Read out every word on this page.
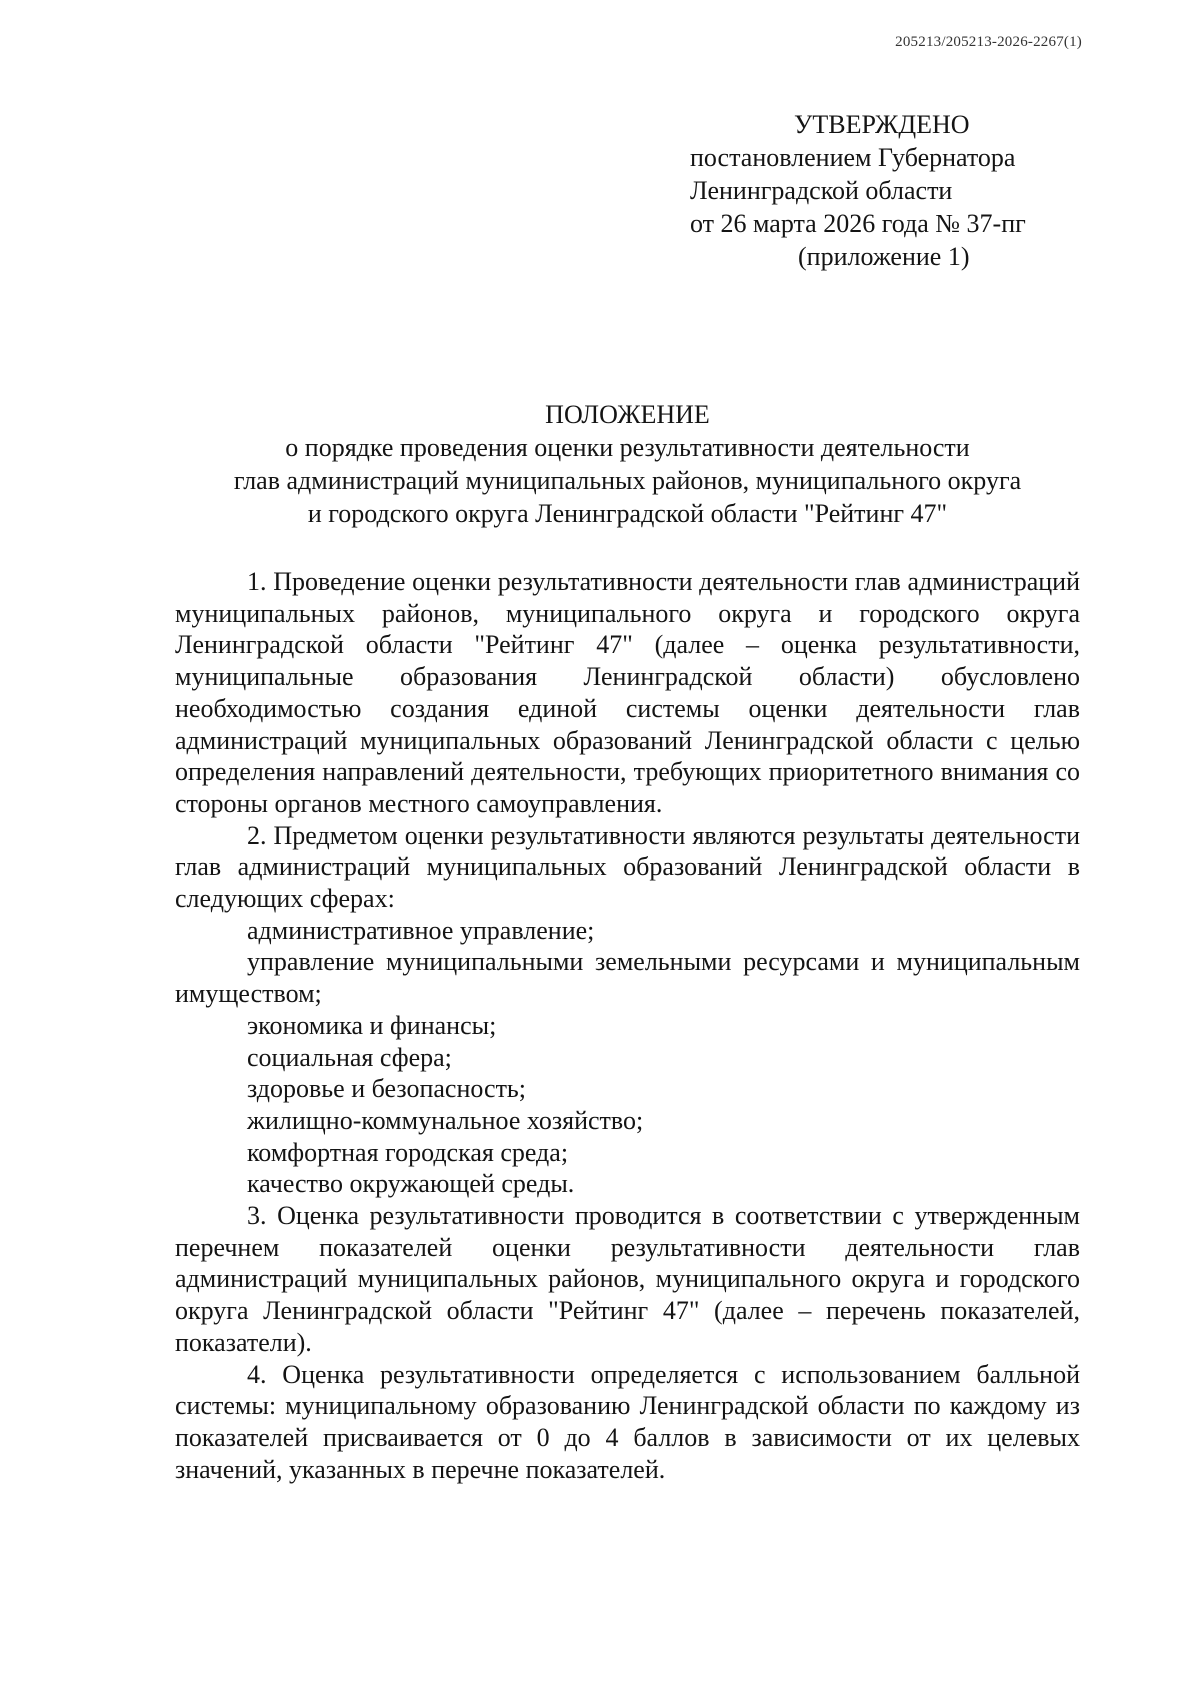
205213/205213-2026-2267(1)
УТВЕРЖДЕНО
постановлением Губернатора
Ленинградской области
от 26 марта 2026 года № 37-пг
(приложение 1)
ПОЛОЖЕНИЕ
о порядке проведения оценки результативности деятельности
глав администраций муниципальных районов, муниципального округа
и городского округа Ленинградской области "Рейтинг 47"

1. Проведение оценки результативности деятельности глав администраций муниципальных районов, муниципального округа и городского округа Ленинградской области "Рейтинг 47" (далее – оценка результативности, муниципальные образования Ленинградской области) обусловлено необходимостью создания единой системы оценки деятельности глав администраций муниципальных образований Ленинградской области с целью определения направлений деятельности, требующих приоритетного внимания со стороны органов местного самоуправления.

2. Предметом оценки результативности являются результаты деятельности глав администраций муниципальных образований Ленинградской области в следующих сферах:

административное управление;

управление муниципальными земельными ресурсами и муниципальным имуществом;

экономика и финансы;

социальная сфера;

здоровье и безопасность;

жилищно-коммунальное хозяйство;

комфортная городская среда;

качество окружающей среды.

3. Оценка результативности проводится в соответствии с утвержденным перечнем показателей оценки результативности деятельности глав администраций муниципальных районов, муниципального округа и городского округа Ленинградской области "Рейтинг 47" (далее – перечень показателей, показатели).

4. Оценка результативности определяется с использованием балльной системы: муниципальному образованию Ленинградской области по каждому из показателей присваивается от 0 до 4 баллов в зависимости от их целевых значений, указанных в перечне показателей.
